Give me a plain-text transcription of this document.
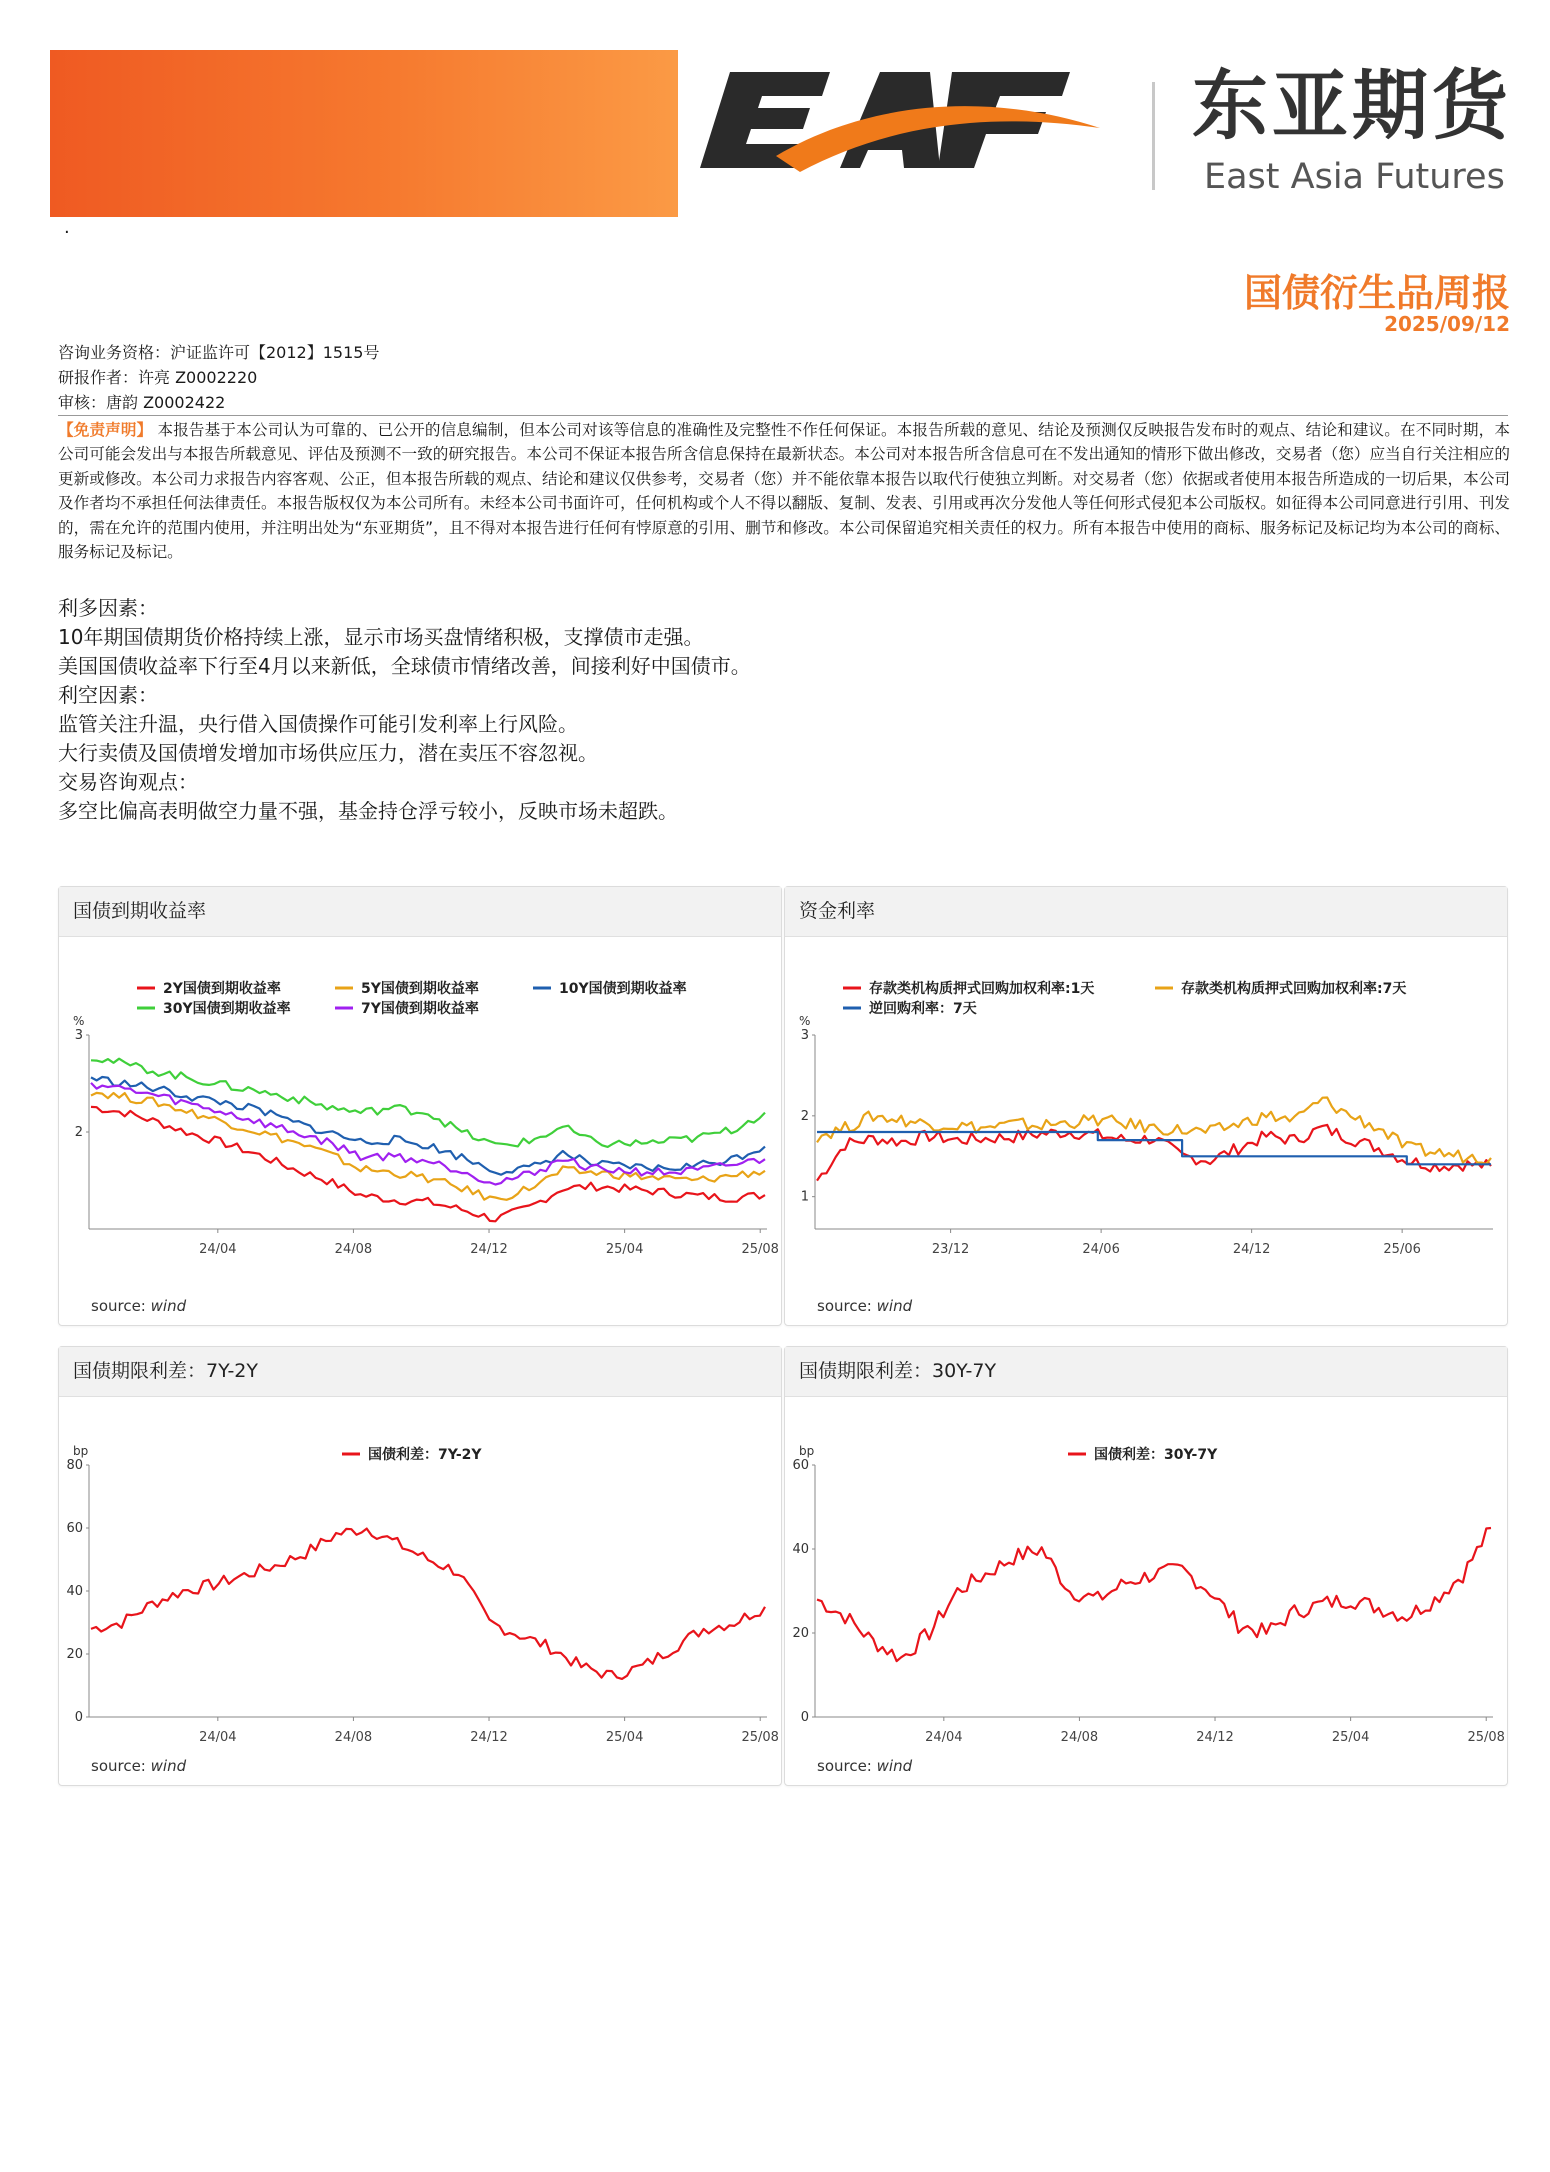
·
东亚期货
East Asia Futures
国债衍生品周报
2025/09/12
咨询业务资格：沪证监许可【2012】1515号
研报作者：许亮 Z0002220
审核：唐韵 Z0002422
【免责声明】 本报告基于本公司认为可靠的、已公开的信息编制，但本公司对该等信息的准确性及完整性不作任何保证。本报告所载的意见、结论及预测仅反映报告发布时的观点、结论和建议。在不同时期，本公司可能会发出与本报告所载意见、评估及预测不一致的研究报告。本公司不保证本报告所含信息保持在最新状态。本公司对本报告所含信息可在不发出通知的情形下做出修改，交易者（您）应当自行关注相应的更新或修改。本公司力求报告内容客观、公正，但本报告所载的观点、结论和建议仅供参考，交易者（您）并不能依靠本报告以取代行使独立判断。对交易者（您）依据或者使用本报告所造成的一切后果，本公司及作者均不承担任何法律责任。本报告版权仅为本公司所有。未经本公司书面许可，任何机构或个人不得以翻版、复制、发表、引用或再次分发他人等任何形式侵犯本公司版权。如征得本公司同意进行引用、刊发的，需在允许的范围内使用，并注明出处为“东亚期货”，且不得对本报告进行任何有悖原意的引用、删节和修改。本公司保留追究相关责任的权力。所有本报告中使用的商标、服务标记及标记均为本公司的商标、服务标记及标记。
利多因素：
10年期国债期货价格持续上涨，显示市场买盘情绪积极，支撑债市走强。
美国国债收益率下行至4月以来新低，全球债市情绪改善，间接利好中国债市。
利空因素：
监管关注升温，央行借入国债操作可能引发利率上行风险。
大行卖债及国债增发增加市场供应压力，潜在卖压不容忽视。
交易咨询观点：
多空比偏高表明做空力量不强，基金持仓浮亏较小，反映市场未超跌。
国债到期收益率
2Y国债到期收益率	5Y国债到期收益率	10Y国债到期收益率
30Y国债到期收益率	7Y国债到期收益率
%
3
2
24/04	24/08	24/12	25/04	25/08
source: wind
资金利率
存款类机构质押式回购加权利率:1天	存款类机构质押式回购加权利率:7天
逆回购利率：7天
%
3
2
1
23/12	24/06	24/12	25/06
source: wind
国债期限利差：7Y-2Y
国债利差：7Y-2Y
bp
80
60
40
20
0
24/04	24/08	24/12	25/04	25/08
source: wind
国债期限利差：30Y-7Y
国债利差：30Y-7Y
bp
60
40
20
0
24/04	24/08	24/12	25/04	25/08
source: wind
